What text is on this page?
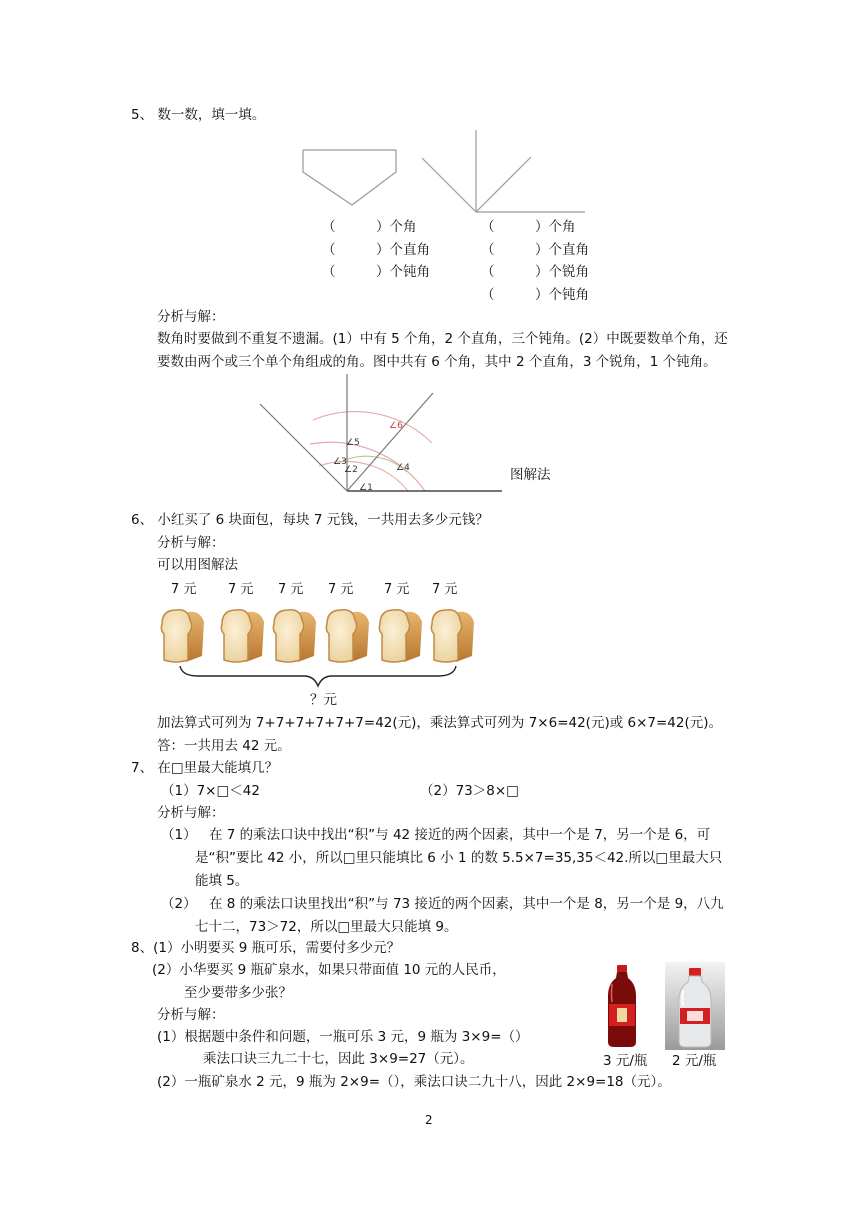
5、 数一数，填一填。
（　　　）个角
（　　　）个直角
（　　　）个钝角
（　　　）个角
（　　　）个直角
（　　　）个锐角
（　　　）个钝角
分析与解：
数角时要做到不重复不遗漏。(1）中有 5 个角，2 个直角，三个钝角。(2）中既要数单个角，还要数由两个或三个单个角组成的角。图中共有 6 个角，其中 2 个直角，3 个锐角，1 个钝角。
∠1
∠2
∠3
∠4
∠5
∠6
图解法
6、 小红买了 6 块面包，每块 7 元钱，一共用去多少元钱？
分析与解：
可以用图解法
7 元 7 元 7 元 7 元 7 元 7 元
？元
加法算式可列为 7+7+7+7+7+7=42(元)，乘法算式可列为 7×6=42(元)或 6×7=42(元)。
答：一共用去 42 元。
7、 在□里最大能填几？
（1）7×□＜42	（2）73＞8×□
分析与解：
（1） 在 7 的乘法口诀中找出“积”与 42 接近的两个因素，其中一个是 7，另一个是 6，可是“积”要比 42 小，所以□里只能填比 6 小 1 的数 5.5×7=35,35＜42.所以□里最大只能填 5。
（2） 在 8 的乘法口诀里找出“积”与 73 接近的两个因素，其中一个是 8，另一个是 9，八九七十二，73＞72，所以□里最大只能填 9。
8、(1）小明要买 9 瓶可乐，需要付多少元？
(2）小华要买 9 瓶矿泉水，如果只带面值 10 元的人民币，
至少要带多少张？
分析与解：
(1）根据题中条件和问题，一瓶可乐 3 元，9 瓶为 3×9=（）
乘法口诀三九二十七，因此 3×9=27（元）。
(2）一瓶矿泉水 2 元，9 瓶为 2×9=（），乘法口诀二九十八，因此 2×9=18（元）。
3 元/瓶 2 元/瓶
2
